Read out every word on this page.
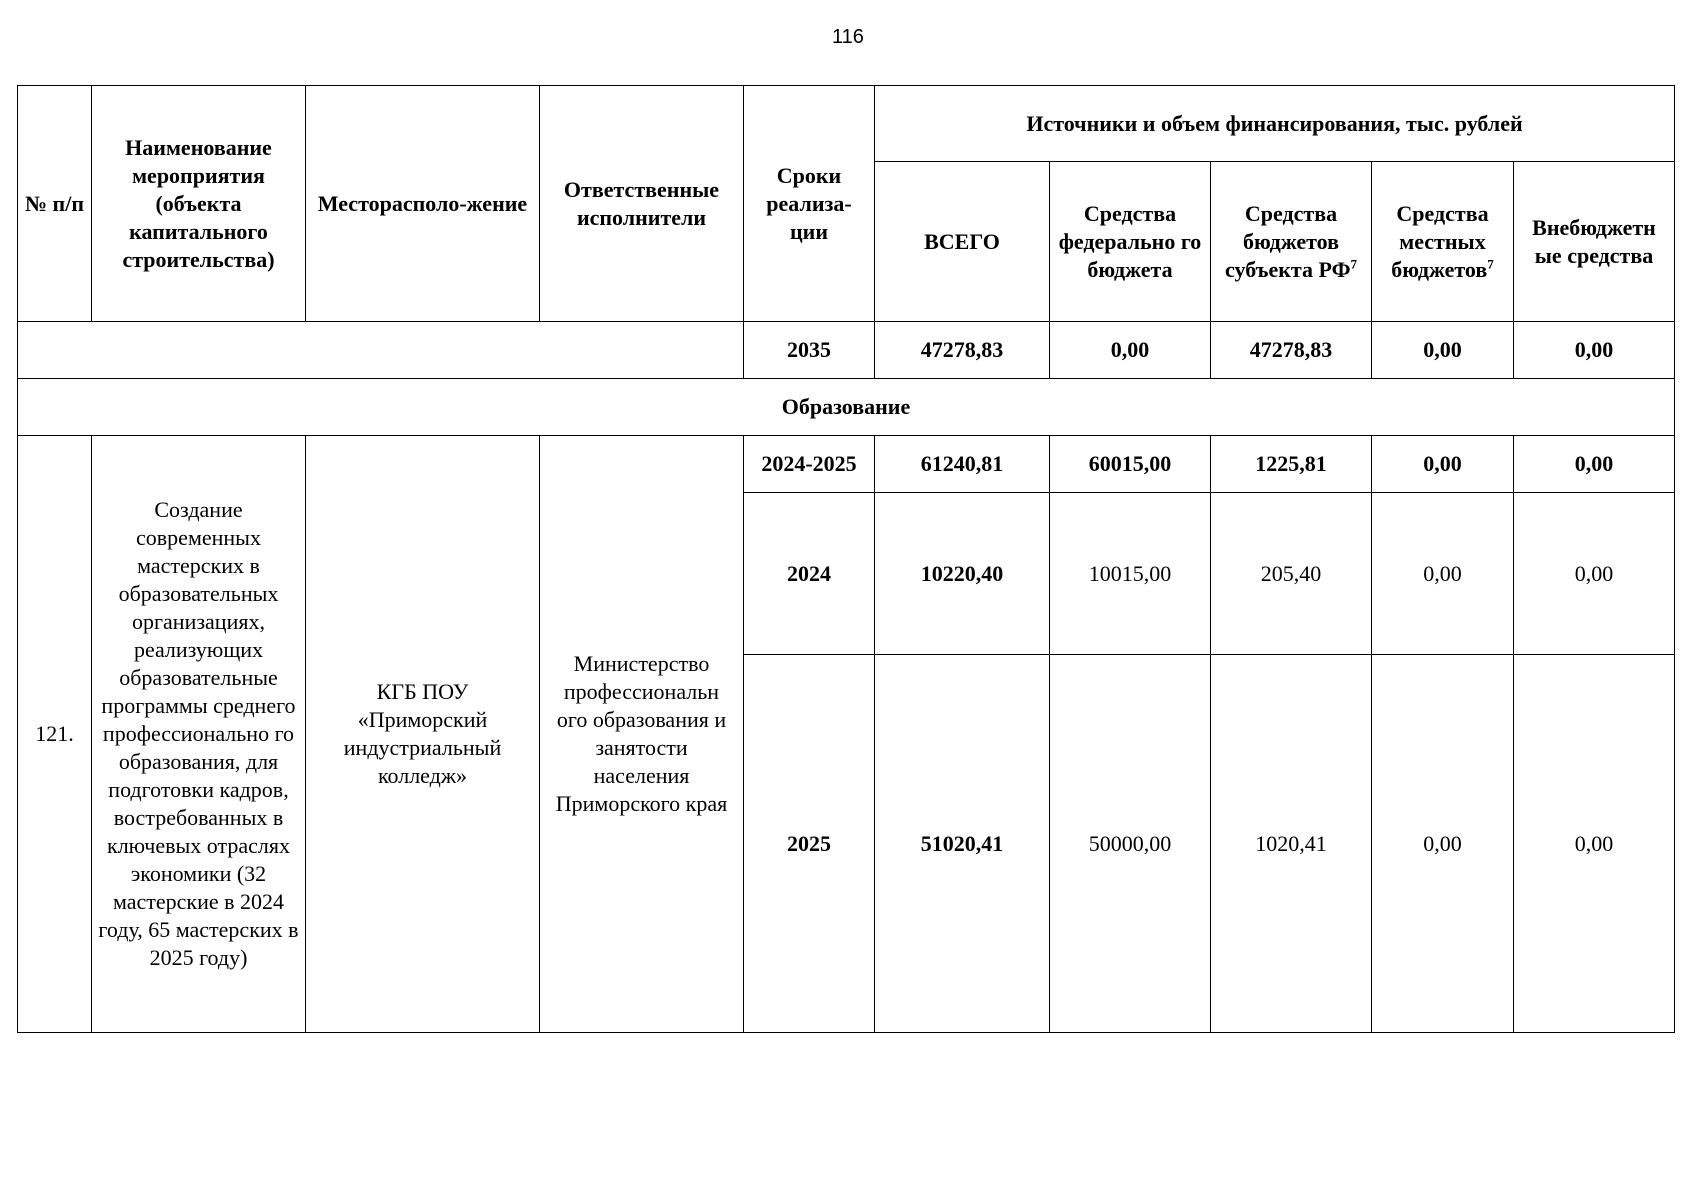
116
№ п/п	Наименование мероприятия (объекта капитального строительства)	Месторасполо-жение	Ответственные исполнители	Сроки реализа-ции	Источники и объем финансирования, тыс. рублей				
					ВСЕГО	Средства федерально го бюджета	Средства бюджетов субъекта $РФ^7$	Средства местных бюджетов$^7$	Внебюджетн ые средства
				2035	47278,83	0,00	47278,83	0,00	0,00
Образование									
121.	Создание современных мастерских в образовательных организациях, реализующих образовательные программы среднего профессионально го образования, для подготовки кадров, востребованных в ключевых отраслях экономики (32 мастерские в 2024 году, 65 мастерских в 2025 году)	КГБ ПОУ «Приморский индустриальный колледж»	Министерство профессиональн ого образования и занятости населения Приморского края	2024-2025	61240,81	60015,00	1225,81	0,00	0,00
				2024	10220,40	10015,00	205,40	0,00	0,00
				2025	51020,41	50000,00	1020,41	0,00	0,00
